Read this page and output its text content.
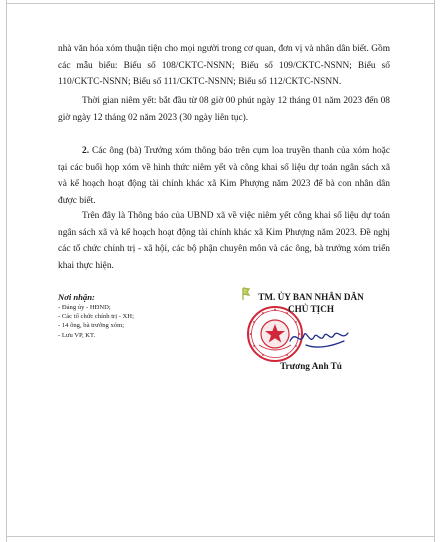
nhà văn hóa xóm thuận tiện cho mọi người trong cơ quan, đơn vị và nhân dân biết. Gồm các mẫu biểu: Biểu số 108/CKTC-NSNN; Biểu số 109/CKTC-NSNN; Biểu số 110/CKTC-NSNN; Biểu số 111/CKTC-NSNN; Biểu số 112/CKTC-NSNN.

Thời gian niêm yết: bắt đầu từ 08 giờ 00 phút ngày 12 tháng 01 năm 2023 đến 08 giờ ngày 12 tháng 02 năm 2023 (30 ngày liên tục).

2. Các ông (bà) Trưởng xóm thông báo trên cụm loa truyền thanh của xóm hoặc tại các buổi họp xóm về hình thức niêm yết và công khai số liệu dự toán ngân sách xã và kế hoạch hoạt động tài chính khác xã Kim Phượng năm 2023 để bà con nhân dân được biết.

Trên đây là Thông báo của UBND xã về việc niêm yết công khai số liệu dự toán ngân sách xã và kế hoạch hoạt động tài chính khác xã Kim Phượng năm 2023. Đề nghị các tổ chức chính trị - xã hội, các bộ phận chuyên môn và các ông, bà trưởng xóm triển khai thực hiện.

Nơi nhận:
- Đảng ủy - HĐND;
- Các tổ chức chính trị - XH;
- 14 ông, bà trưởng xóm;
- Lưu VP, KT.
TM. ỦY BAN NHÂN DÂN
CHỦ TỊCH
Trương Anh Tú
